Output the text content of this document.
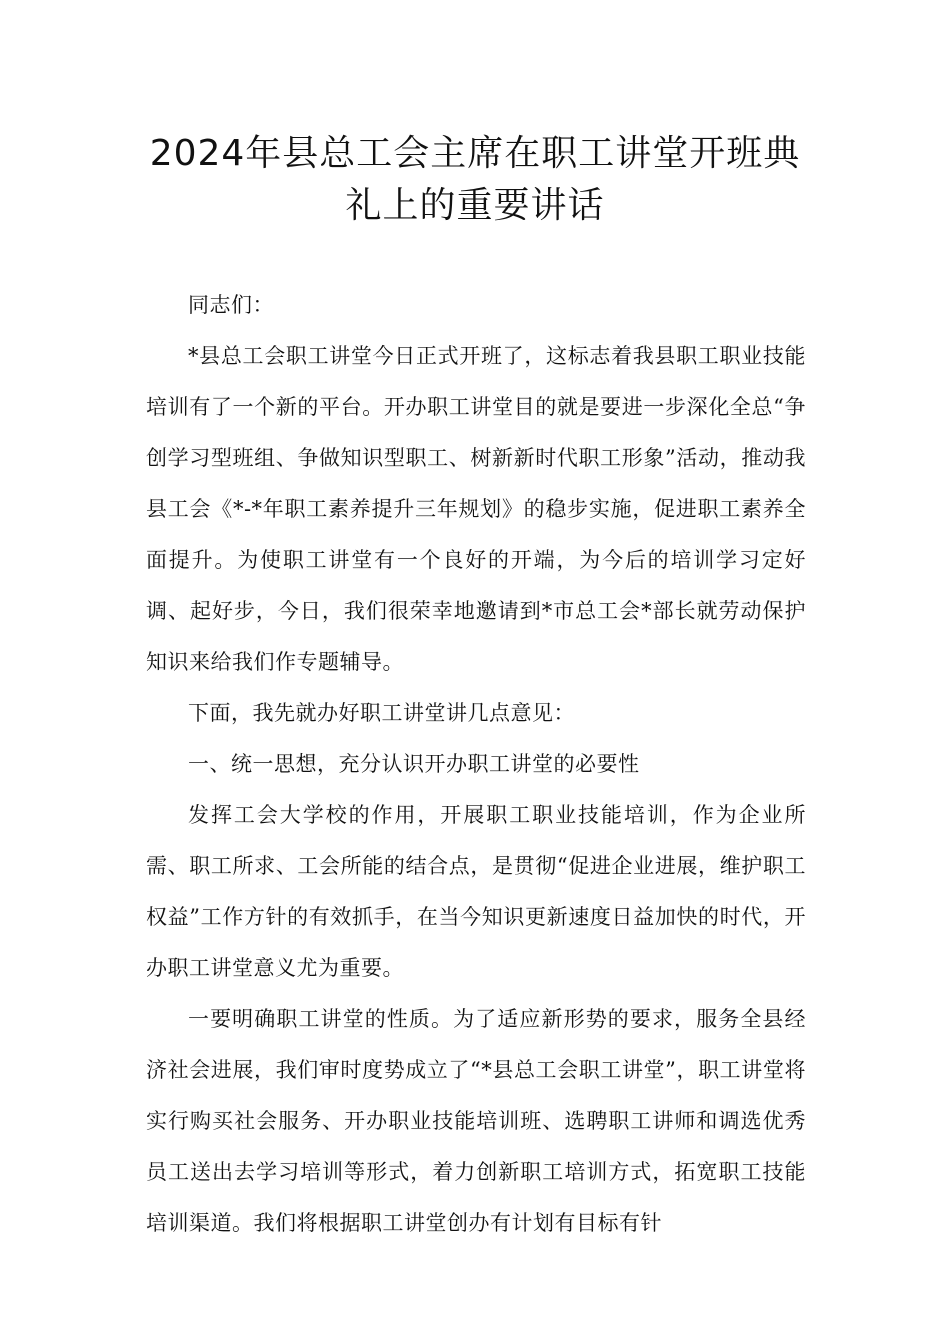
2024年县总工会主席在职工讲堂开班典
礼上的重要讲话

同志们：

*县总工会职工讲堂今日正式开班了，这标志着我县职工职业技能培训有了一个新的平台。开办职工讲堂目的就是要进一步深化全总“争创学习型班组、争做知识型职工、树新新时代职工形象”活动，推动我县工会《*-*年职工素养提升三年规划》的稳步实施，促进职工素养全面提升。为使职工讲堂有一个良好的开端，为今后的培训学习定好调、起好步，今日，我们很荣幸地邀请到*市总工会*部长就劳动保护知识来给我们作专题辅导。

下面，我先就办好职工讲堂讲几点意见：

一、统一思想，充分认识开办职工讲堂的必要性

发挥工会大学校的作用，开展职工职业技能培训，作为企业所需、职工所求、工会所能的结合点，是贯彻“促进企业进展，维护职工权益”工作方针的有效抓手，在当今知识更新速度日益加快的时代，开办职工讲堂意义尤为重要。

一要明确职工讲堂的性质。为了适应新形势的要求，服务全县经济社会进展，我们审时度势成立了“*县总工会职工讲堂”，职工讲堂将实行购买社会服务、开办职业技能培训班、选聘职工讲师和调选优秀员工送出去学习培训等形式，着力创新职工培训方式，拓宽职工技能培训渠道。我们将根据职工讲堂创办有计划有目标有针
